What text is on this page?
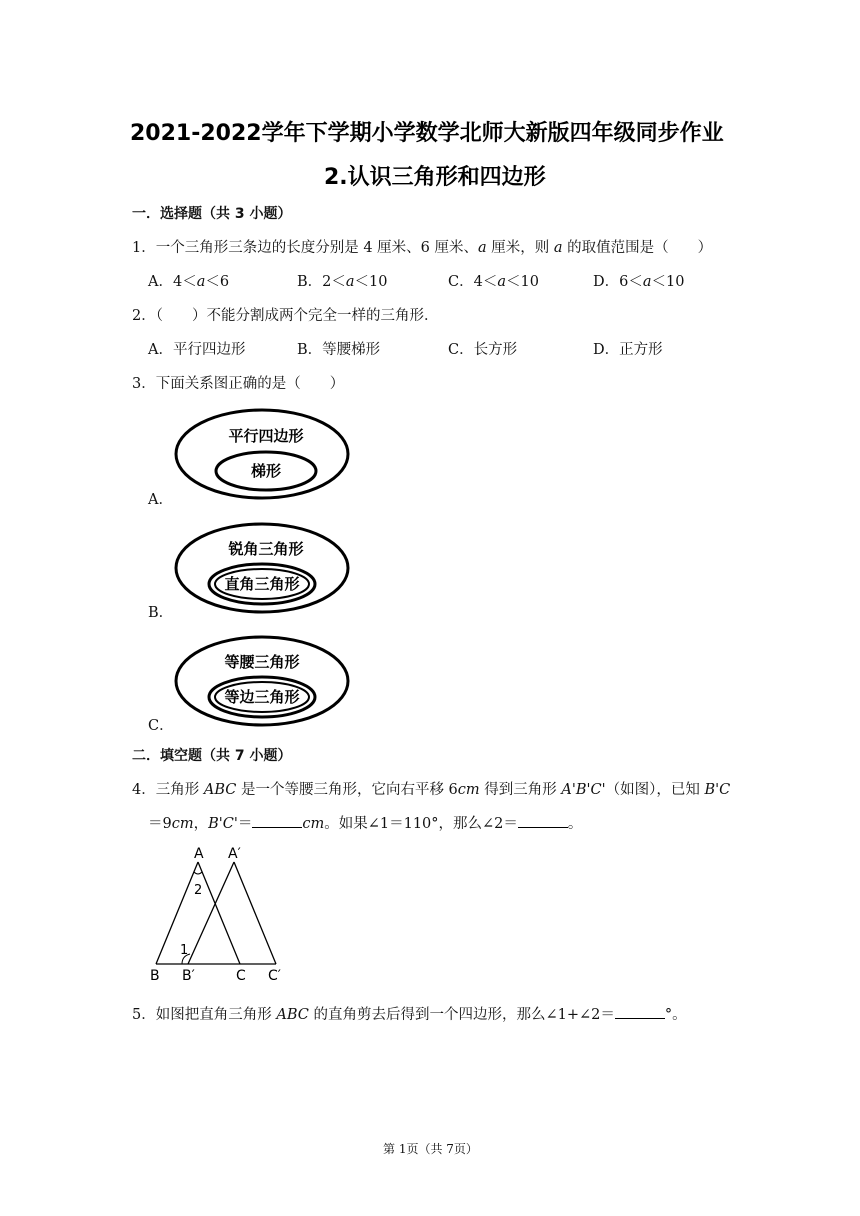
2021-2022学年下学期小学数学北师大新版四年级同步作业
2.认识三角形和四边形
一．选择题（共 3 小题）
1．一个三角形三条边的长度分别是 4 厘米、6 厘米、a 厘米，则 a 的取值范围是（　　）
A．4＜a＜6	B．2＜a＜10	C．4＜a＜10	D．6＜a＜10
2．（　　）不能分割成两个完全一样的三角形．
A．平行四边形	B．等腰梯形	C．长方形	D．正方形
3．下面关系图正确的是（　　）
A．
平行四边形
梯形
B．
锐角三角形
直角三角形
C．
等腰三角形
等边三角形
二．填空题（共 7 小题）
4．三角形 ABC 是一个等腰三角形，它向右平移 6cm 得到三角形 A'B'C'（如图），已知 B'C
＝9cm，B'C'＝	cm。如果∠1＝110°，那么∠2＝	。
A A′
2
1
B B′	C C′
5．如图把直角三角形 ABC 的直角剪去后得到一个四边形，那么∠1+∠2＝	°。
第 1页（共 7页）
